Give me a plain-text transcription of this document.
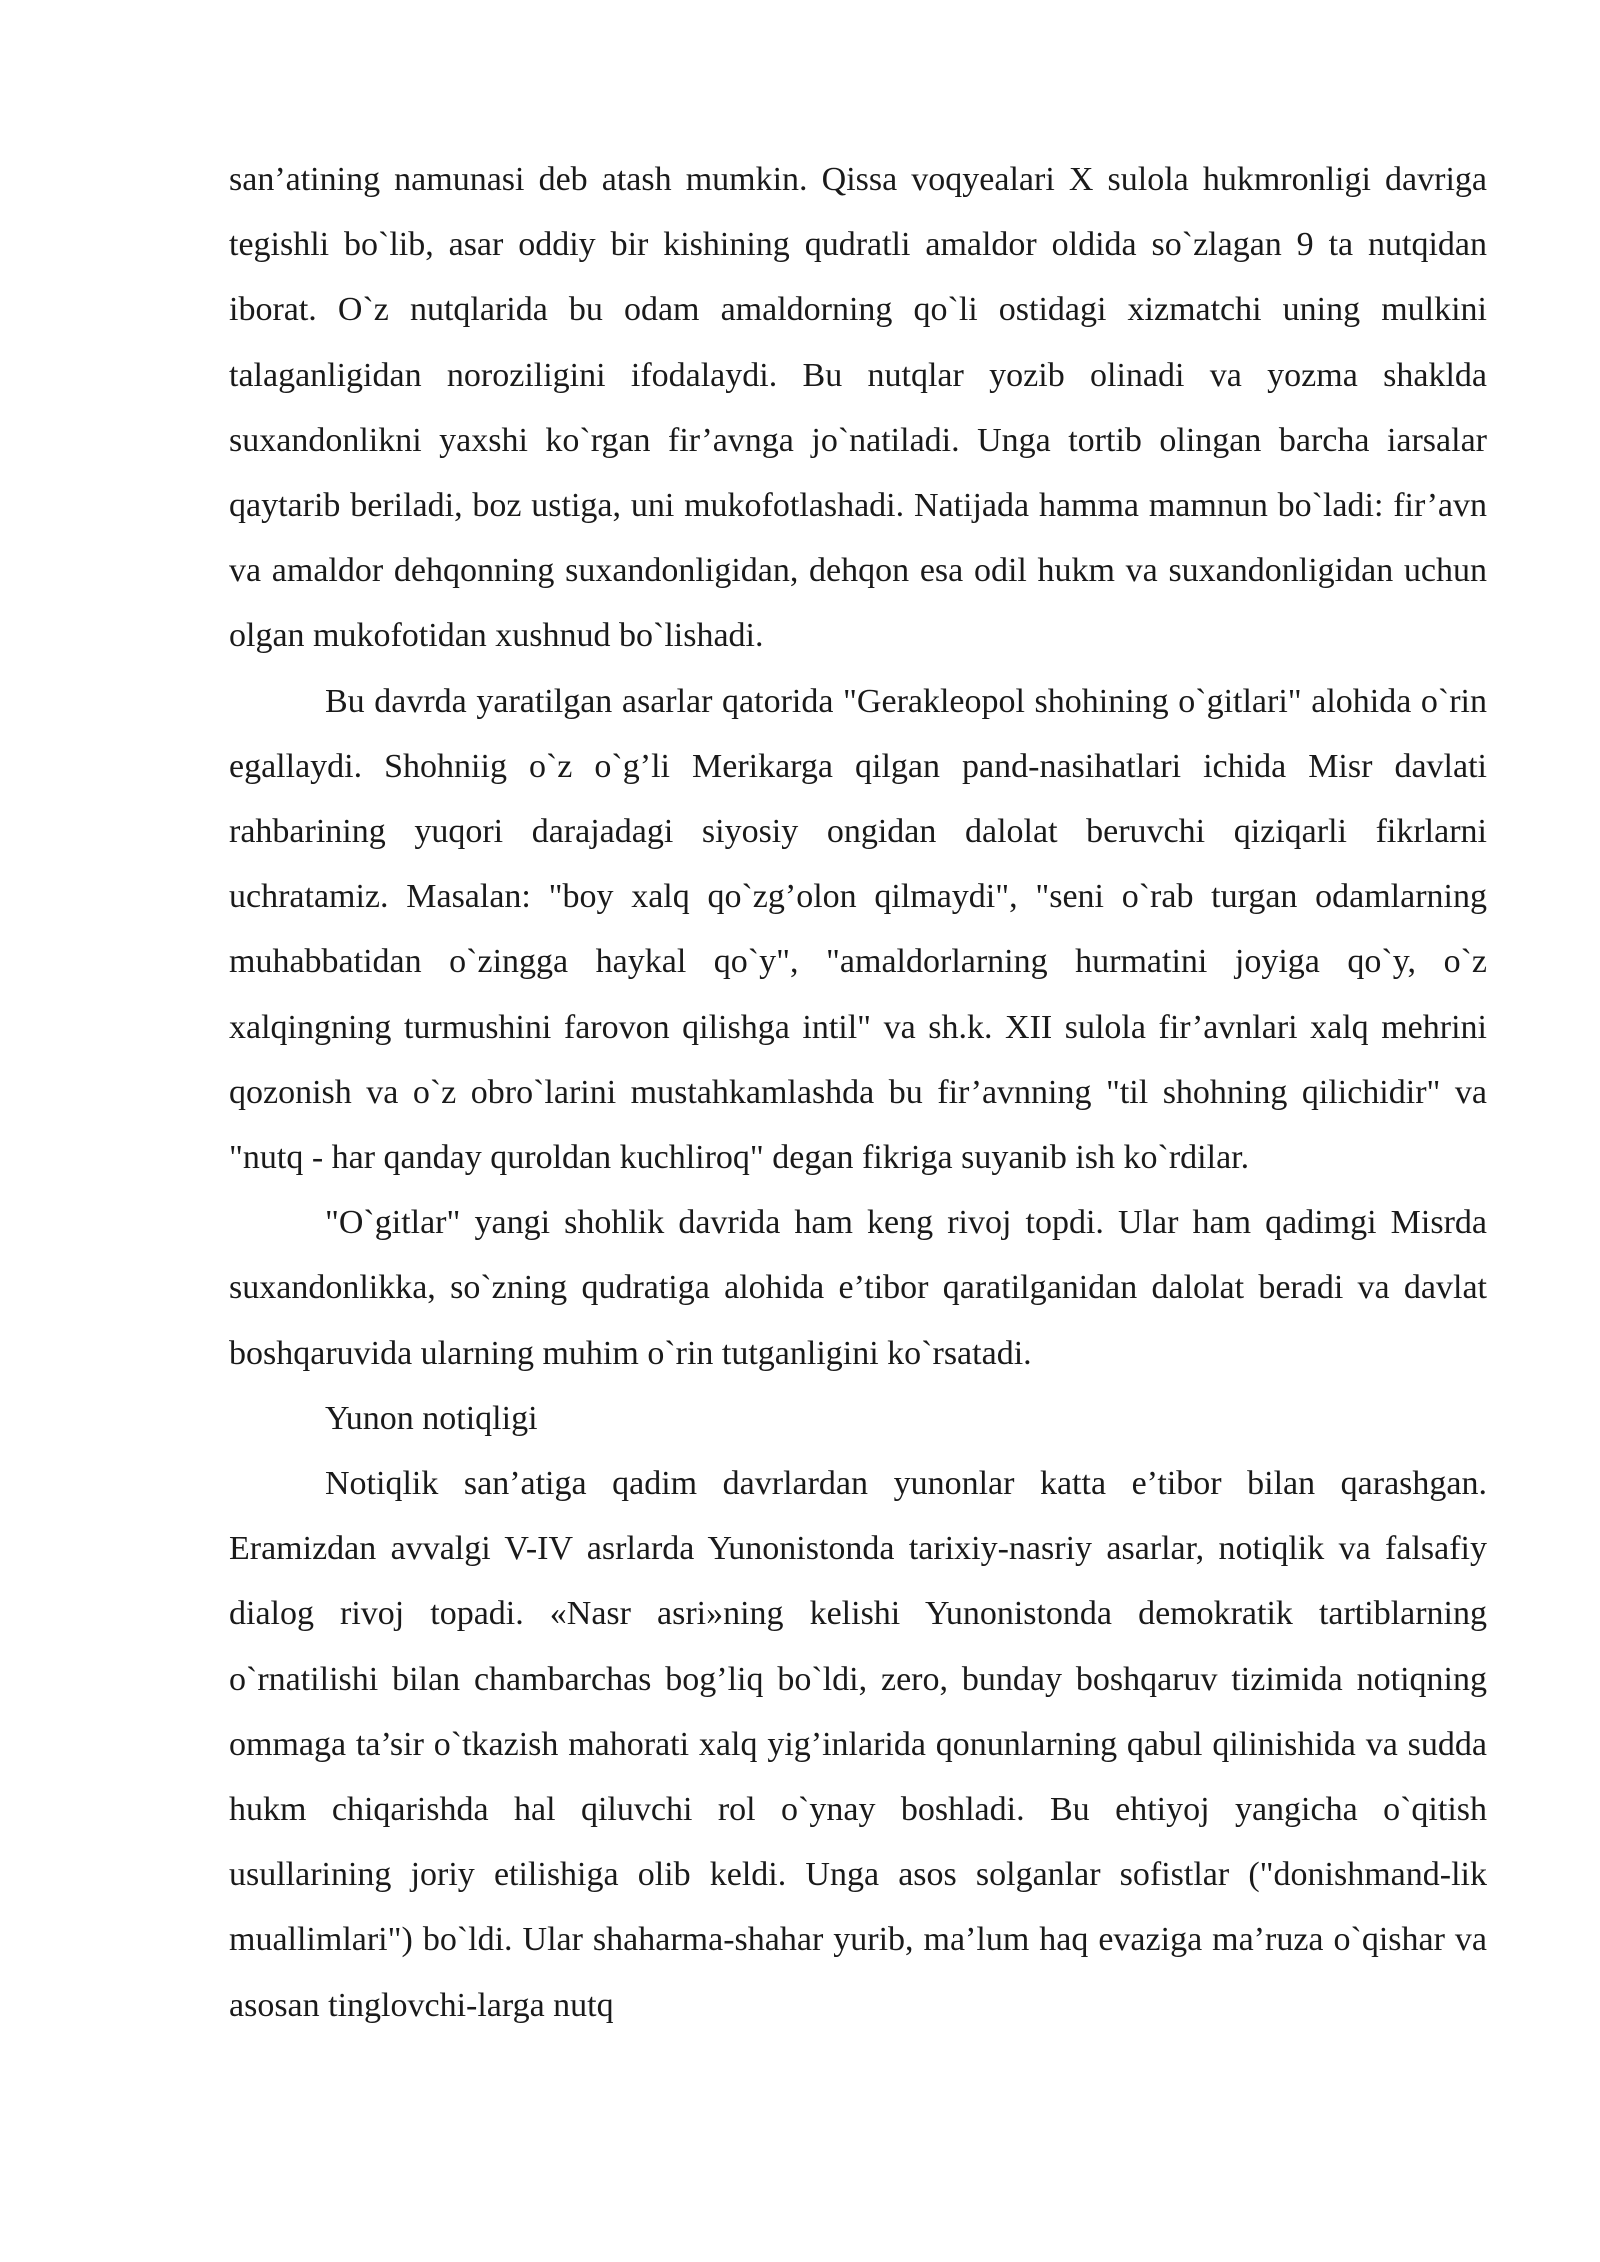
san’atining namunasi deb atash mumkin. Qissa voqyealari X sulola hukmronligi davriga tegishli bo`lib, asar oddiy bir kishining qudratli amaldor oldida so`zlagan 9 ta nutqidan iborat. O`z nutqlarida bu odam amaldorning qo`li ostidagi xizmatchi uning mulkini talaganligidan noroziligini ifodalaydi. Bu nutqlar yozib olinadi va yozma shaklda suxandonlikni yaxshi ko`rgan fir’avnga jo`natiladi. Unga tortib olingan barcha iarsalar qaytarib beriladi, boz ustiga, uni mukofotlashadi. Natijada hamma mamnun bo`ladi: fir’avn va amaldor dehqonning suxandonligidan, dehqon esa odil hukm va suxandonligidan uchun olgan mukofotidan xushnud bo`lishadi.

Bu davrda yaratilgan asarlar qatorida "Gerakleopol shohining o`gitlari" alohida o`rin egallaydi. Shohniig o`z o`g’li Merikarga qilgan pand-nasihatlari ichida Misr davlati rahbarining yuqori darajadagi siyosiy ongidan dalolat beruvchi qiziqarli fikrlarni uchratamiz. Masalan: "boy xalq qo`zg’olon qilmaydi", "seni o`rab turgan odamlarning muhabbatidan o`zingga haykal qo`y", "amaldorlarning hurmatini joyiga qo`y, o`z xalqingning turmushini farovon qilishga intil" va sh.k. XII sulola fir’avnlari xalq mehrini qozonish va o`z obro`larini mustahkamlashda bu fir’avnning "til shohning qilichidir" va "nutq - har qanday quroldan kuchliroq" degan fikriga suyanib ish ko`rdilar.

"O`gitlar" yangi shohlik davrida ham keng rivoj topdi. Ular ham qadimgi Misrda suxandonlikka, so`zning qudratiga alohida e’tibor qaratilganidan dalolat beradi va davlat boshqaruvida ularning muhim o`rin tutganligini ko`rsatadi.

Yunon notiqligi

Notiqlik san’atiga qadim davrlardan yunonlar katta e’tibor bilan qarashgan. Eramizdan avvalgi V-IV asrlarda Yunonistonda tarixiy-nasriy asarlar, notiqlik va falsafiy dialog rivoj topadi. «Nasr asri»ning kelishi Yunonistonda demokratik tartiblarning o`rnatilishi bilan chambarchas bog’liq bo`ldi, zero, bunday boshqaruv tizimida notiqning ommaga ta’sir o`tkazish mahorati xalq yig’inlarida qonunlarning qabul qilinishida va sudda hukm chiqarishda hal qiluvchi rol o`ynay boshladi. Bu ehtiyoj yangicha o`qitish usullarining joriy etilishiga olib keldi. Unga asos solganlar sofistlar ("donishmand-lik muallimlari") bo`ldi. Ular shaharma-shahar yurib, ma’lum haq evaziga ma’ruza o`qishar va asosan tinglovchi-larga nutq
